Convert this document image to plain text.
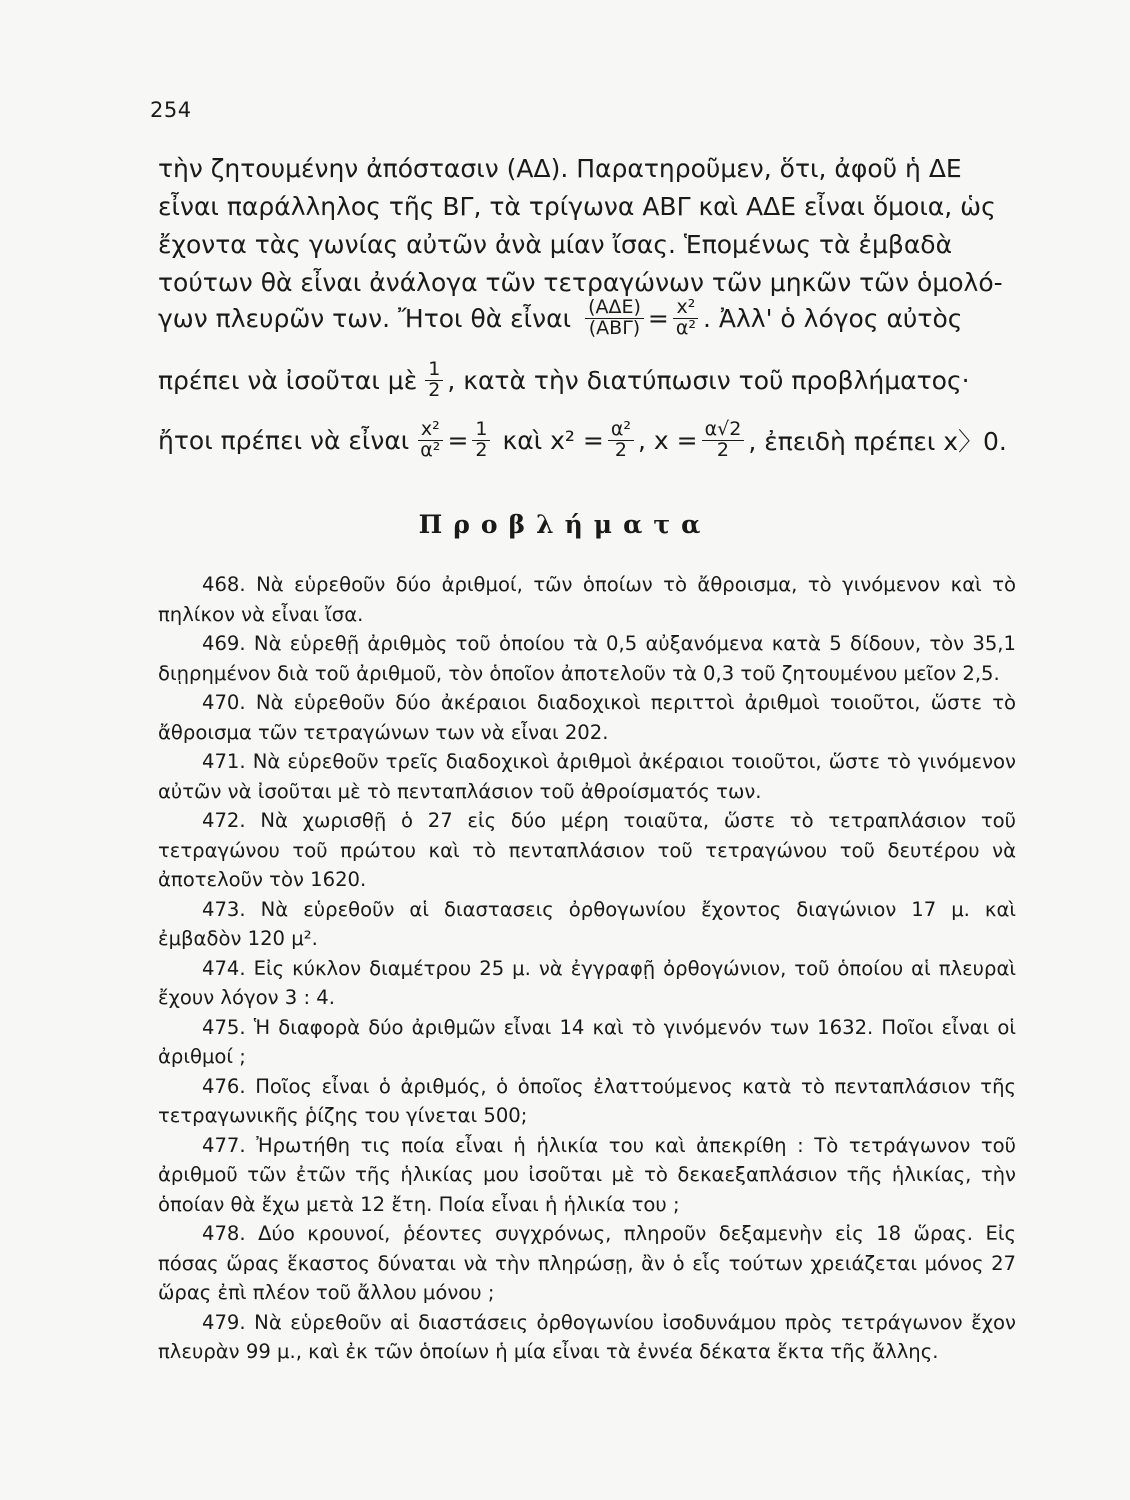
254
τὴν ζητουμένην ἀπόστασιν (ΑΔ). Παρατηροῦμεν, ὅτι, ἀφοῦ ἡ ΔΕ
εἶναι παράλληλος τῆς ΒΓ, τὰ τρίγωνα ΑΒΓ καὶ ΑΔΕ εἶναι ὅμοια, ὡς
ἔχοντα τὰς γωνίας αὐτῶν ἀνὰ μίαν ἴσας. Ἑπομένως τὰ ἐμβαδὰ
τούτων θὰ εἶναι ἀνάλογα τῶν τετραγώνων τῶν μηκῶν τῶν ὁμολό-
γων πλευρῶν των. Ἤτοι θὰ εἶναι $\frac{\text{(ΑΔΕ)}}{\text{(ΑΒΓ)}} = \frac{\text{x²}}{\text{α²}}$ . Ἀλλ' ὁ λόγος αὐτὸς
πρέπει νὰ ἰσοῦται μὲ $\frac{1}{2}$ , κατὰ τὴν διατύπωσιν τοῦ προβλήματος·
ἤτοι πρέπει νὰ εἶναι $\frac{\text{x²}}{\text{α²}} = \frac{1}{2}$ καὶ $x^2 = \frac{\text{α²}}{2}$ , $x = \frac{\alpha√2}{2}$ , ἐπειδὴ πρέπει x〉0.
Προβλήματα

468. Νὰ εὑρεθοῦν δύο ἀριθμοί, τῶν ὁποίων τὸ ἄθροισμα, τὸ γινόμενον καὶ τὸ πηλίκον νὰ εἶναι ἴσα.

469. Νὰ εὑρεθῇ ἀριθμὸς τοῦ ὁποίου τὰ 0,5 αὐξανόμενα κατὰ 5 δίδουν, τὸν 35,1 διῃρημένον διὰ τοῦ ἀριθμοῦ, τὸν ὁποῖον ἀποτελοῦν τὰ 0,3 τοῦ ζητουμένου μεῖον 2,5.

470. Νὰ εὑρεθοῦν δύο ἀκέραιοι διαδοχικοὶ περιττοὶ ἀριθμοὶ τοιοῦτοι, ὥστε τὸ ἄθροισμα τῶν τετραγώνων των νὰ εἶναι 202.

471. Νὰ εὑρεθοῦν τρεῖς διαδοχικοὶ ἀριθμοὶ ἀκέραιοι τοιοῦτοι, ὥστε τὸ γινόμενον αὐτῶν νὰ ἰσοῦται μὲ τὸ πενταπλάσιον τοῦ ἀθροίσματός των.

472. Νὰ χωρισθῇ ὁ 27 εἰς δύο μέρη τοιαῦτα, ὥστε τὸ τετραπλάσιον τοῦ τετραγώνου τοῦ πρώτου καὶ τὸ πενταπλάσιον τοῦ τετραγώνου τοῦ δευτέρου νὰ ἀποτελοῦν τὸν 1620.

473. Νὰ εὑρεθοῦν αἱ διαστασεις ὀρθογωνίου ἔχοντος διαγώνιον 17 μ. καὶ ἐμβαδὸν 120 μ².

474. Εἰς κύκλον διαμέτρου 25 μ. νὰ ἐγγραφῇ ὀρθογώνιον, τοῦ ὁποίου αἱ πλευραὶ ἔχουν λόγον 3 : 4.

475. Ἡ διαφορὰ δύο ἀριθμῶν εἶναι 14 καὶ τὸ γινόμενόν των 1632. Ποῖοι εἶναι οἱ ἀριθμοί ;

476. Ποῖος εἶναι ὁ ἀριθμός, ὁ ὁποῖος ἐλαττούμενος κατὰ τὸ πενταπλάσιον τῆς τετραγωνικῆς ῥίζης του γίνεται 500;

477. Ἠρωτήθη τις ποία εἶναι ἡ ἡλικία του καὶ ἀπεκρίθη : Τὸ τετράγωνον τοῦ ἀριθμοῦ τῶν ἐτῶν τῆς ἡλικίας μου ἰσοῦται μὲ τὸ δεκαεξαπλάσιον τῆς ἡλικίας, τὴν ὁποίαν θὰ ἔχω μετὰ 12 ἔτη. Ποία εἶναι ἡ ἡλικία του ;

478. Δύο κρουνοί, ῥέοντες συγχρόνως, πληροῦν δεξαμενὴν εἰς 18 ὥρας. Εἰς πόσας ὥρας ἕκαστος δύναται νὰ τὴν πληρώσῃ, ἂν ὁ εἷς τούτων χρειάζεται μόνος 27 ὥρας ἐπὶ πλέον τοῦ ἄλλου μόνου ;

479. Νὰ εὑρεθοῦν αἱ διαστάσεις ὀρθογωνίου ἰσοδυνάμου πρὸς τετράγωνον ἔχον πλευρὰν 99 μ., καὶ ἐκ τῶν ὁποίων ἡ μία εἶναι τὰ ἐννέα δέκατα ἕκτα τῆς ἄλλης.
